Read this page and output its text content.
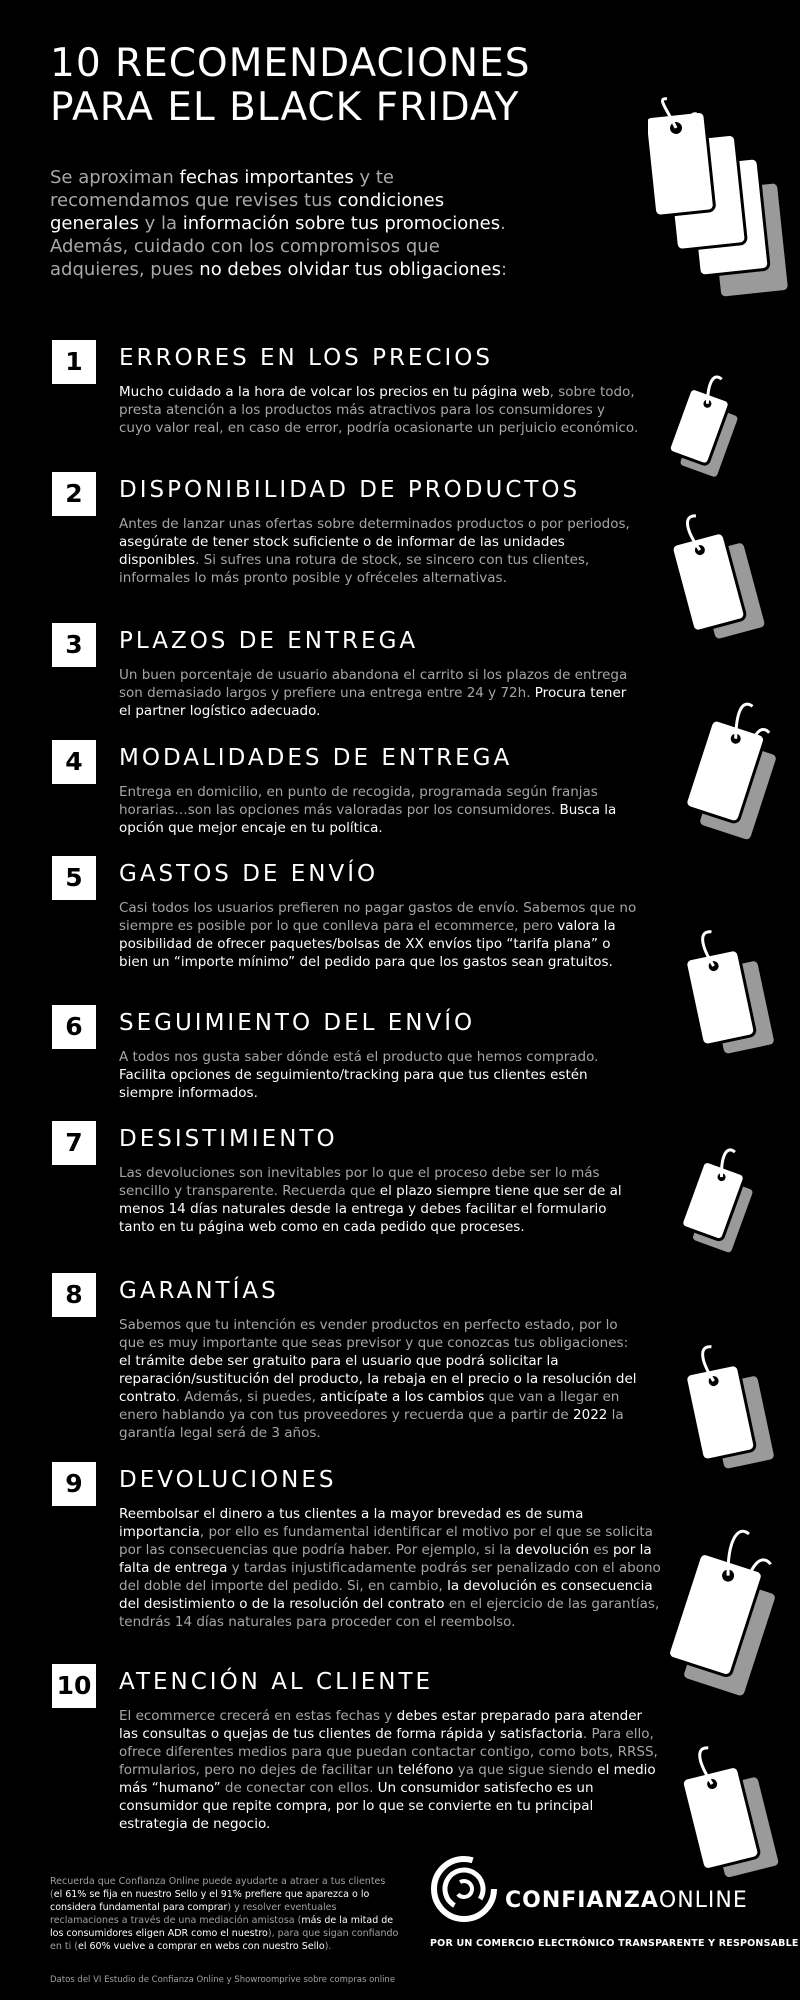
10 RECOMENDACIONES
PARA EL BLACK FRIDAY

Se aproximan fechas importantes y te recomendamos que revises tus condiciones generales y la información sobre tus promociones. Además, cuidado con los compromisos que adquieres, pues no debes olvidar tus obligaciones:

1	ERRORES EN LOS PRECIOS

Mucho cuidado a la hora de volcar los precios en tu página web, sobre todo, presta atención a los productos más atractivos para los consumidores y cuyo valor real, en caso de error, podría ocasionarte un perjuicio económico.

2	DISPONIBILIDAD DE PRODUCTOS

Antes de lanzar unas ofertas sobre determinados productos o por periodos, asegúrate de tener stock suficiente o de informar de las unidades disponibles. Si sufres una rotura de stock, se sincero con tus clientes, informales lo más pronto posible y ofréceles alternativas.

3	PLAZOS DE ENTREGA

Un buen porcentaje de usuario abandona el carrito si los plazos de entrega son demasiado largos y prefiere una entrega entre 24 y 72h. Procura tener el partner logístico adecuado.

4	MODALIDADES DE ENTREGA

Entrega en domicilio, en punto de recogida, programada según franjas horarias…son las opciones más valoradas por los consumidores. Busca la opción que mejor encaje en tu política.

5	GASTOS DE ENVÍO

Casi todos los usuarios prefieren no pagar gastos de envío. Sabemos que no siempre es posible por lo que conlleva para el ecommerce, pero valora la posibilidad de ofrecer paquetes/bolsas de XX envíos tipo “tarifa plana” o bien un “importe mínimo” del pedido para que los gastos sean gratuitos.

6	SEGUIMIENTO DEL ENVÍO

A todos nos gusta saber dónde está el producto que hemos comprado. Facilita opciones de seguimiento/tracking para que tus clientes estén siempre informados.

7	DESISTIMIENTO

Las devoluciones son inevitables por lo que el proceso debe ser lo más sencillo y transparente. Recuerda que el plazo siempre tiene que ser de al menos 14 días naturales desde la entrega y debes facilitar el formulario tanto en tu página web como en cada pedido que proceses.

8	GARANTÍAS

Sabemos que tu intención es vender productos en perfecto estado, por lo que es muy importante que seas previsor y que conozcas tus obligaciones: el trámite debe ser gratuito para el usuario que podrá solicitar la reparación/sustitución del producto, la rebaja en el precio o la resolución del contrato. Además, si puedes, anticípate a los cambios que van a llegar en enero hablando ya con tus proveedores y recuerda que a partir de 2022 la garantía legal será de 3 años.

9	DEVOLUCIONES

Reembolsar el dinero a tus clientes a la mayor brevedad es de suma importancia, por ello es fundamental identificar el motivo por el que se solicita por las consecuencias que podría haber. Por ejemplo, si la devolución es por la falta de entrega y tardas injustificadamente podrás ser penalizado con el abono del doble del importe del pedido. Si, en cambio, la devolución es consecuencia del desistimiento o de la resolución del contrato en el ejercicio de las garantías, tendrás 14 días naturales para proceder con el reembolso.

10 ATENCIÓN AL CLIENTE

El ecommerce crecerá en estas fechas y debes estar preparado para atender las consultas o quejas de tus clientes de forma rápida y satisfactoria. Para ello, ofrece diferentes medios para que puedan contactar contigo, como bots, RRSS, formularios, pero no dejes de facilitar un teléfono ya que sigue siendo el medio más “humano” de conectar con ellos. Un consumidor satisfecho es un consumidor que repite compra, por lo que se convierte en tu principal estrategia de negocio.

Recuerda que Confianza Online puede ayudarte a atraer a tus clientes (el 61% se fija en nuestro Sello y el 91% prefiere que aparezca o lo considera fundamental para comprar) y resolver eventuales reclamaciones a través de una mediación amistosa (más de la mitad de los consumidores eligen ADR como el nuestro), para que sigan confiando en ti (el 60% vuelve a comprar en webs con nuestro Sello).

Datos del VI Estudio de Confianza Online y Showroomprive sobre compras online

CONFIANZAONLINE
POR UN COMERCIO ELECTRÓNICO TRANSPARENTE Y RESPONSABLE
